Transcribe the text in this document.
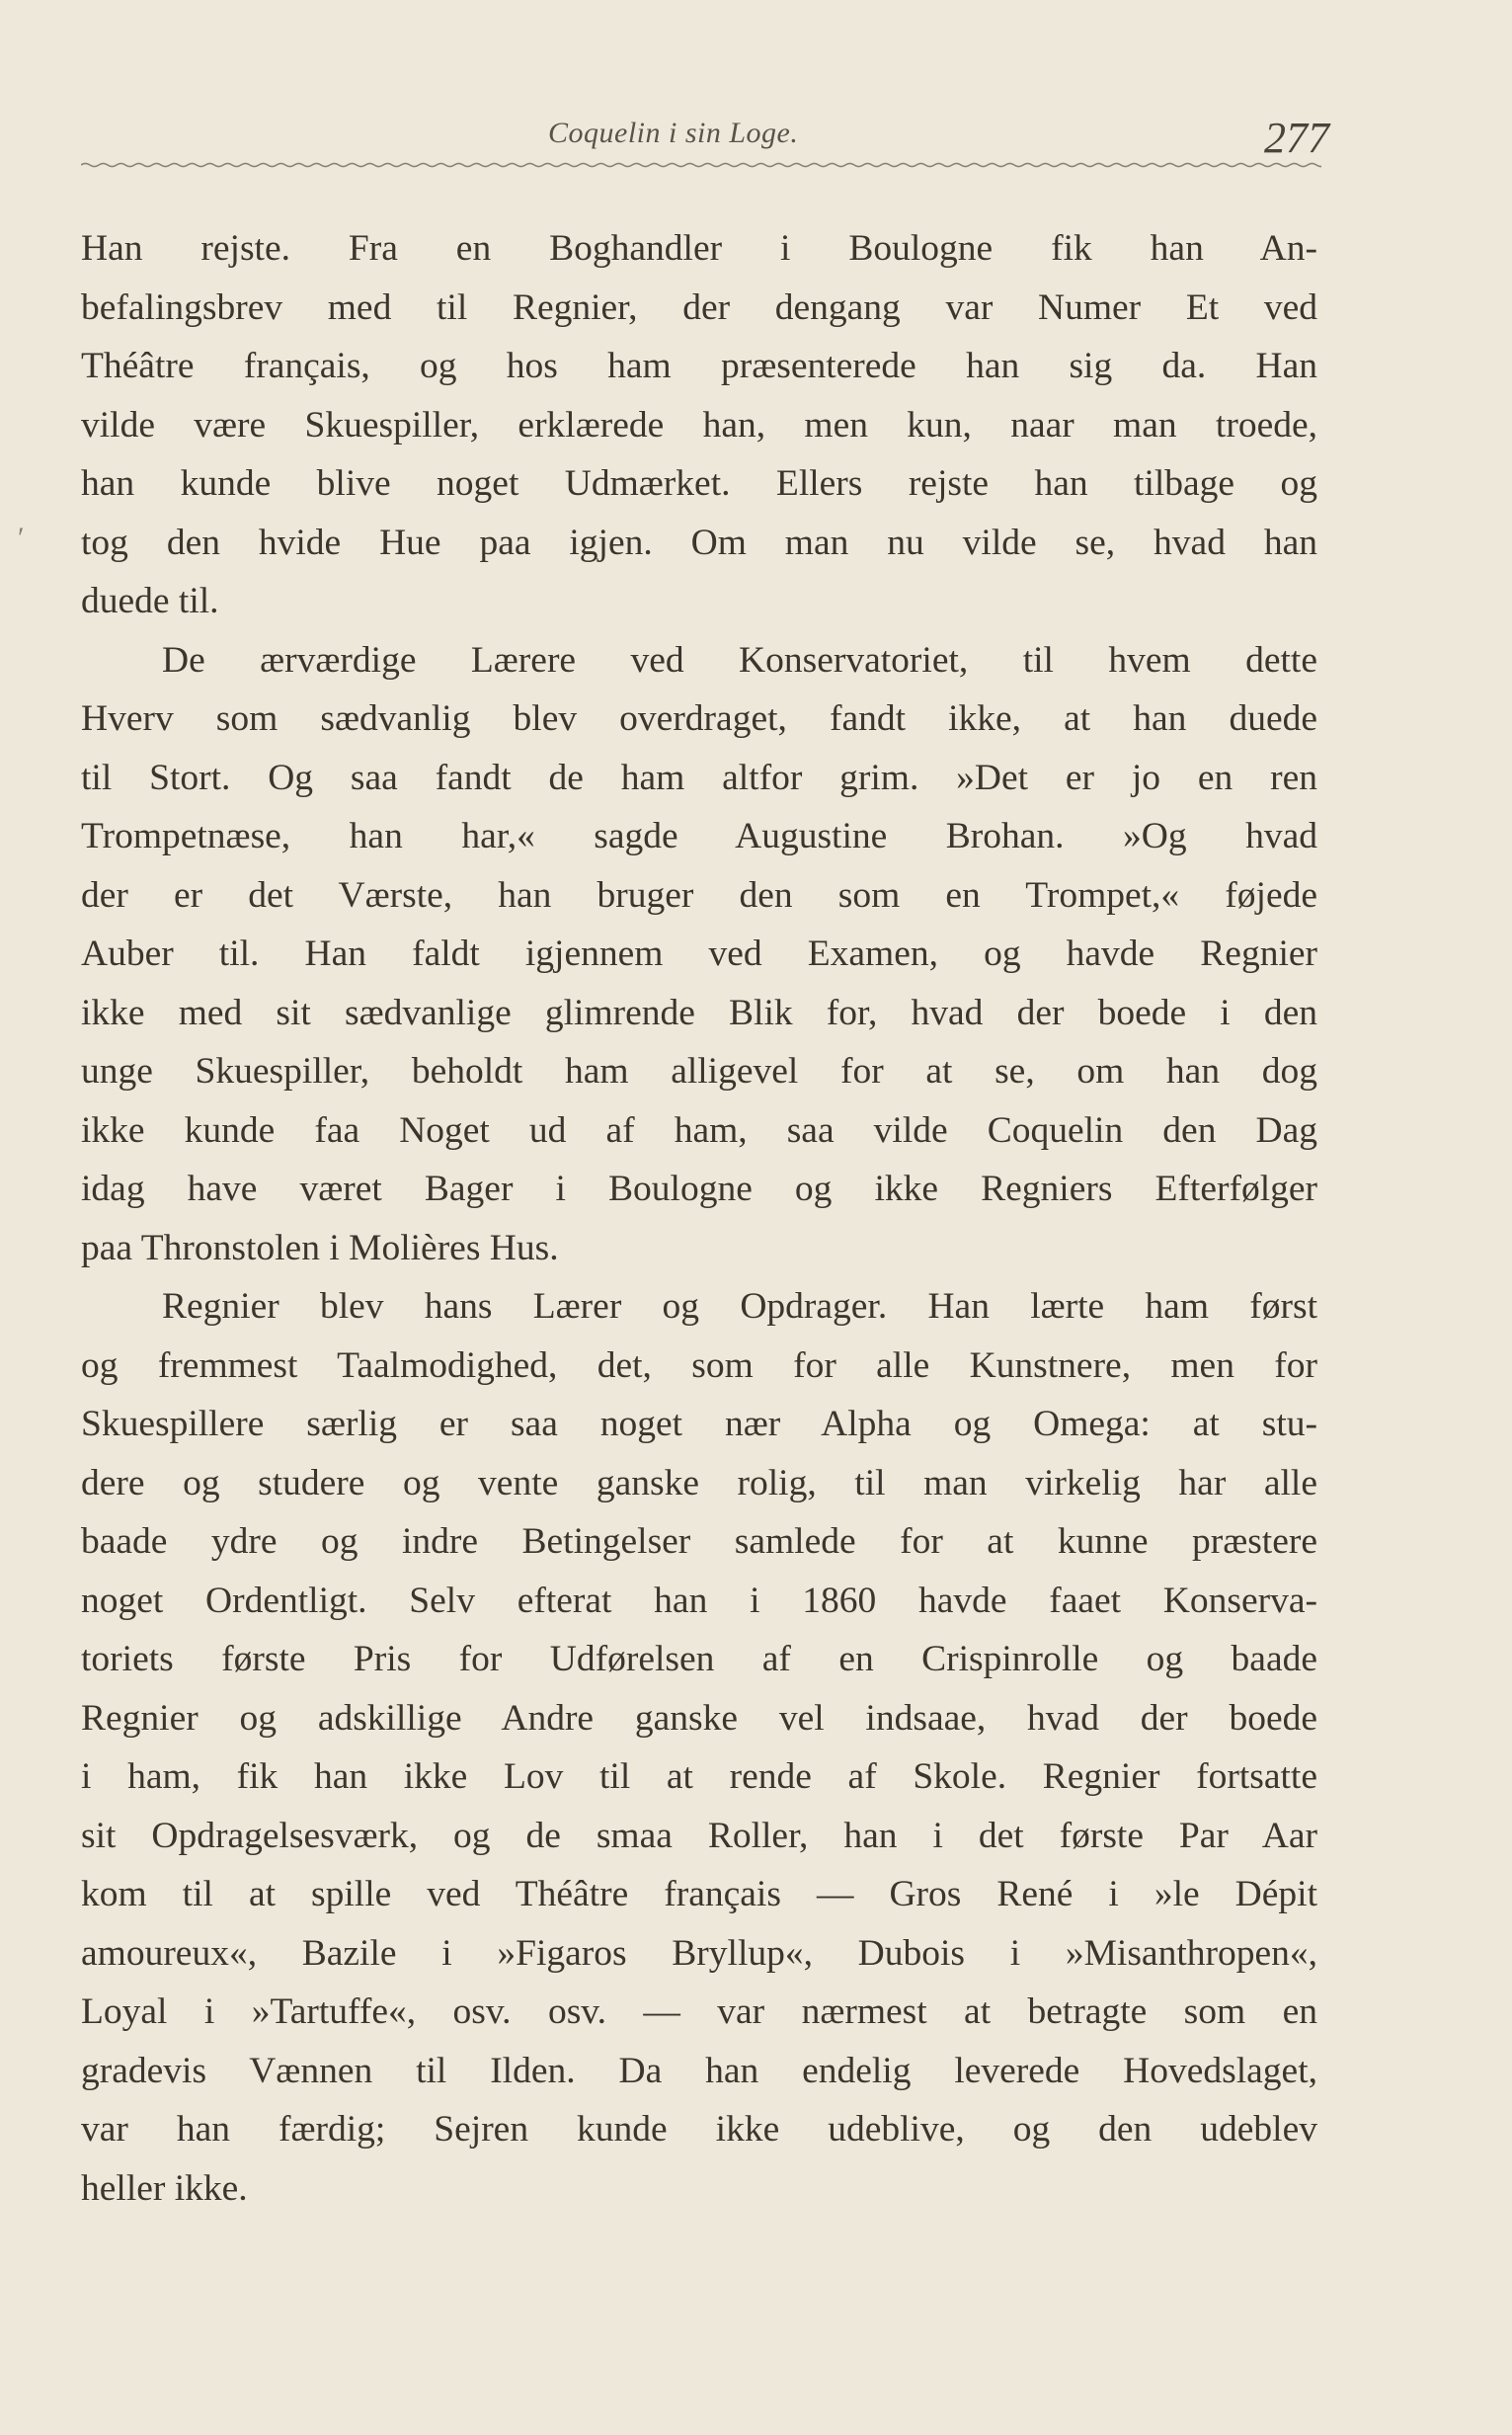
Coquelin i sin Loge.	277
ʹ
Han rejste. Fra en Boghandler i Boulogne fik han An-
befalingsbrev med til Regnier, der dengang var Numer Et ved
Théâtre français, og hos ham præsenterede han sig da. Han
vilde være Skuespiller, erklærede han, men kun, naar man troede,
han kunde blive noget Udmærket. Ellers rejste han tilbage og
tog den hvide Hue paa igjen. Om man nu vilde se, hvad han
duede til.
De ærværdige Lærere ved Konservatoriet, til hvem dette
Hverv som sædvanlig blev overdraget, fandt ikke, at han duede
til Stort. Og saa fandt de ham altfor grim. »Det er jo en ren
Trompetnæse, han har,« sagde Augustine Brohan. »Og hvad
der er det Værste, han bruger den som en Trompet,« føjede
Auber til. Han faldt igjennem ved Examen, og havde Regnier
ikke med sit sædvanlige glimrende Blik for, hvad der boede i den
unge Skuespiller, beholdt ham alligevel for at se, om han dog
ikke kunde faa Noget ud af ham, saa vilde Coquelin den Dag
idag have været Bager i Boulogne og ikke Regniers Efterfølger
paa Thronstolen i Molières Hus.
Regnier blev hans Lærer og Opdrager. Han lærte ham først
og fremmest Taalmodighed, det, som for alle Kunstnere, men for
Skuespillere særlig er saa noget nær Alpha og Omega: at stu-
dere og studere og vente ganske rolig, til man virkelig har alle
baade ydre og indre Betingelser samlede for at kunne præstere
noget Ordentligt. Selv efterat han i 1860 havde faaet Konserva-
toriets første Pris for Udførelsen af en Crispinrolle og baade
Regnier og adskillige Andre ganske vel indsaae, hvad der boede
i ham, fik han ikke Lov til at rende af Skole. Regnier fortsatte
sit Opdragelsesværk, og de smaa Roller, han i det første Par Aar
kom til at spille ved Théâtre français — Gros René i »le Dépit
amoureux«, Bazile i »Figaros Bryllup«, Dubois i »Misanthropen«,
Loyal i »Tartuffe«, osv. osv. — var nærmest at betragte som en
gradevis Vænnen til Ilden. Da han endelig leverede Hovedslaget,
var han færdig; Sejren kunde ikke udeblive, og den udeblev
heller ikke.
